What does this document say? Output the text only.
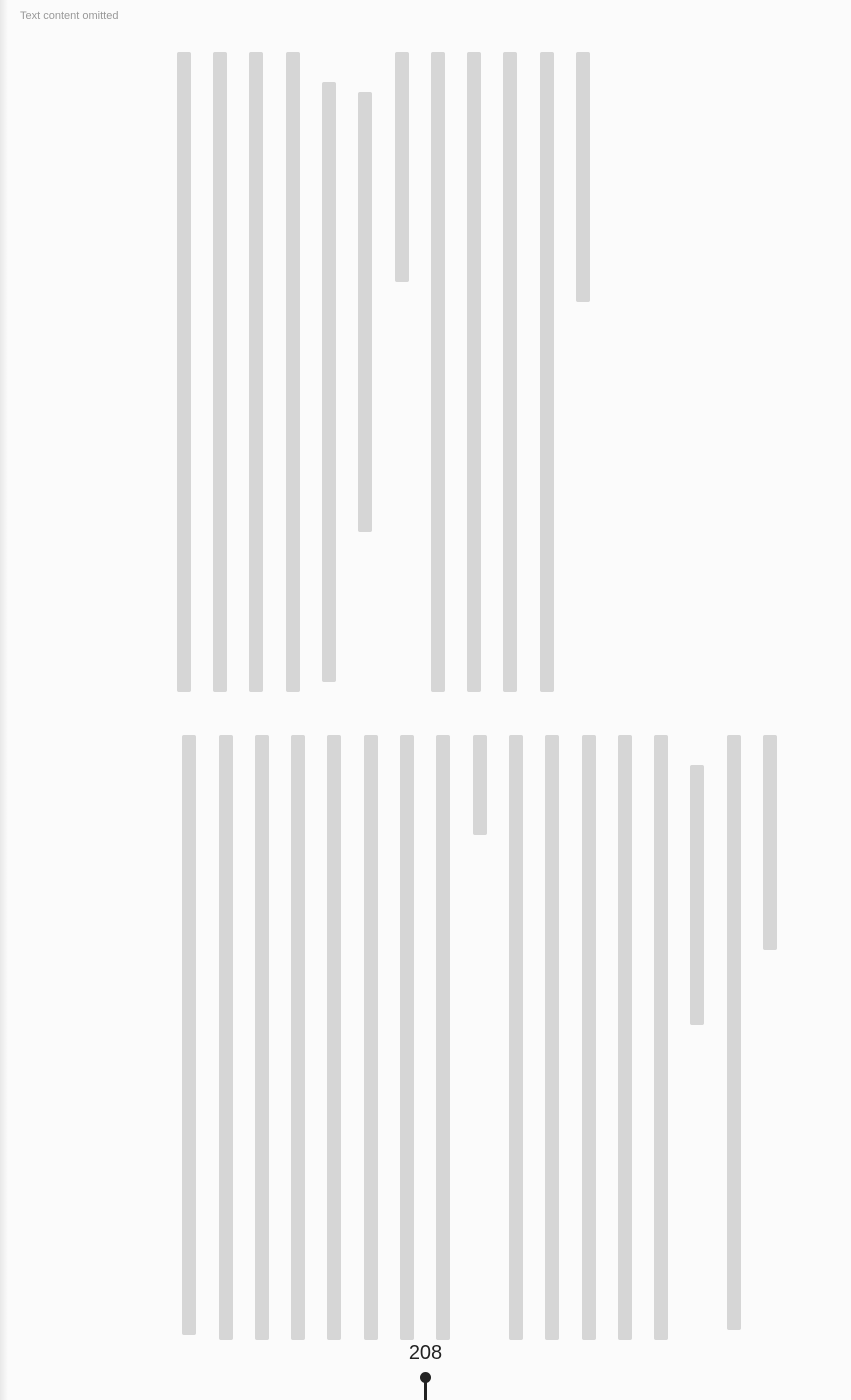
Text content omitted
208
